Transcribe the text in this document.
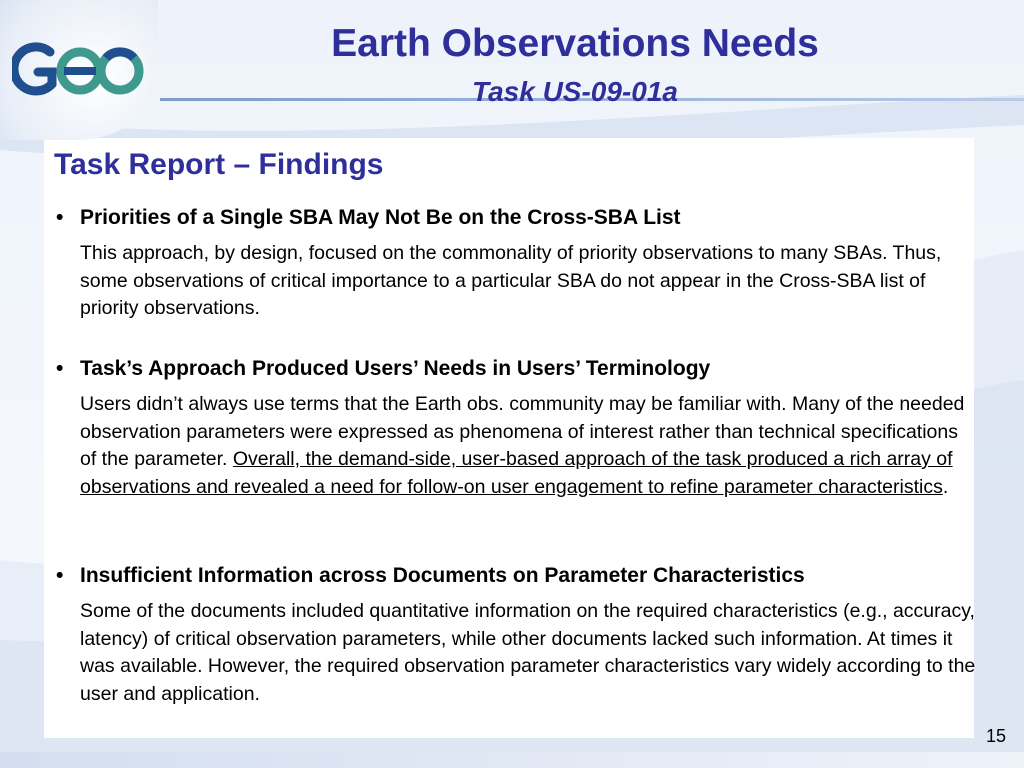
Earth Observations Needs
Task US-09-01a
Task Report – Findings
• Priorities of a Single SBA May Not Be on the Cross-SBA List

This approach, by design, focused on the commonality of priority observations to many SBAs. Thus, some observations of critical importance to a particular SBA do not appear in the Cross-SBA list of priority observations.

• Task’s Approach Produced Users’ Needs in Users’ Terminology

Users didn’t always use terms that the Earth obs. community may be familiar with. Many of the needed observation parameters were expressed as phenomena of interest rather than technical specifications of the parameter. Overall, the demand-side, user-based approach of the task produced a rich array of observations and revealed a need for follow-on user engagement to refine parameter characteristics.

• Insufficient Information across Documents on Parameter Characteristics

Some of the documents included quantitative information on the required characteristics (e.g., accuracy, latency) of critical observation parameters, while other documents lacked such information. At times it was available. However, the required observation parameter characteristics vary widely according to the user and application.

15
